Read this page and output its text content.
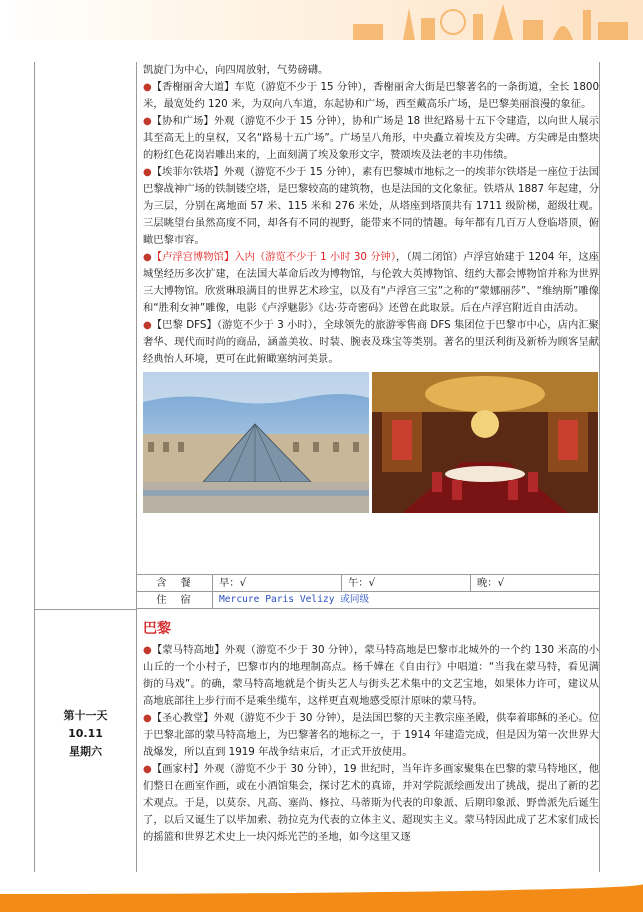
第十一天
10.11
星期六

凯旋门为中心，向四周放射，气势磅礴。

●【香榭丽舍大道】车览（游览不少于 15 分钟），香榭丽舍大街是巴黎著名的一条街道，全长 1800 米，最宽处约 120 米，为双向八车道，东起协和广场，西至戴高乐广场，是巴黎美丽浪漫的象征。

●【协和广场】外观（游览不少于 15 分钟），协和广场是 18 世纪路易十五下令建造，以向世人展示其至高无上的皇权，又名“路易十五广场”。广场呈八角形，中央矗立着埃及方尖碑。方尖碑是由整块的粉红色花岗岩雕出来的，上面刻满了埃及象形文字，赞颂埃及法老的丰功伟绩。

●【埃菲尔铁塔】外观（游览不少于 15 分钟），素有巴黎城市地标之一的埃菲尔铁塔是一座位于法国巴黎战神广场的铁制镂空塔，是巴黎较高的建筑物，也是法国的文化象征。铁塔从 1887 年起建，分为三层，分别在离地面 57 米、115 米和 276 米处，从塔座到塔顶共有 1711 级阶梯，超级壮观。三层眺望台虽然高度不同，却各有不同的视野，能带来不同的情趣。每年都有几百万人登临塔顶，俯瞰巴黎市容。

●【卢浮宫博物馆】入内（游览不少于 1 小时 30 分钟），（周二闭馆）卢浮宫始建于 1204 年，这座城堡经历多次扩建，在法国大革命后改为博物馆，与伦敦大英博物馆、纽约大都会博物馆并称为世界三大博物馆。欣赏琳琅满目的世界艺术珍宝，以及有“卢浮宫三宝”之称的“蒙娜丽莎”、“维纳斯”雕像和“胜利女神”雕像，电影《卢浮魅影》《达·芬奇密码》还曾在此取景。后在卢浮宫附近自由活动。

●【巴黎 DFS】（游览不少于 3 小时），全球领先的旅游零售商 DFS 集团位于巴黎市中心，店内汇聚奢华、现代而时尚的商品，涵盖美妆、时装、腕表及珠宝等类别。著名的里沃利街及新桥为顾客呈献经典怡人环境，更可在此俯瞰塞纳河美景。

含餐	早：√	午：√	晚：√
住宿	Mercure Paris Velizy 或同级
巴黎

●【蒙马特高地】外观（游览不少于 30 分钟），蒙马特高地是巴黎市北城外的一个约 130 米高的小山丘的一个小村子，巴黎市内的地理制高点。杨千嬅在《自由行》中唱道：“当我在蒙马特，看见满街的马戏”。的确，蒙马特高地就是个街头艺人与街头艺术集中的文艺宝地，如果体力许可，建议从高地底部往上步行而不是乘坐缆车，这样更直观地感受原汁原味的蒙马特。

●【圣心教堂】外观（游览不少于 30 分钟），是法国巴黎的天主教宗座圣殿，供奉着耶稣的圣心。位于巴黎北部的蒙马特高地上，为巴黎著名的地标之一，于 1914 年建造完成，但是因为第一次世界大战爆发，所以直到 1919 年战争结束后，才正式开放使用。

●【画家村】外观（游览不少于 30 分钟），19 世纪时，当年许多画家聚集在巴黎的蒙马特地区，他们整日在画室作画，或在小酒馆集会，探讨艺术的真谛，并对学院派绘画发出了挑战，提出了新的艺术观点。于是，以莫奈、凡高、塞尚、修拉、马蒂斯为代表的印象派、后期印象派、野兽派先后诞生了，以后又诞生了以毕加索、勃拉克为代表的立体主义、超现实主义。蒙马特因此成了艺术家们成长的摇篮和世界艺术史上一块闪烁光芒的圣地，如今这里又逐
